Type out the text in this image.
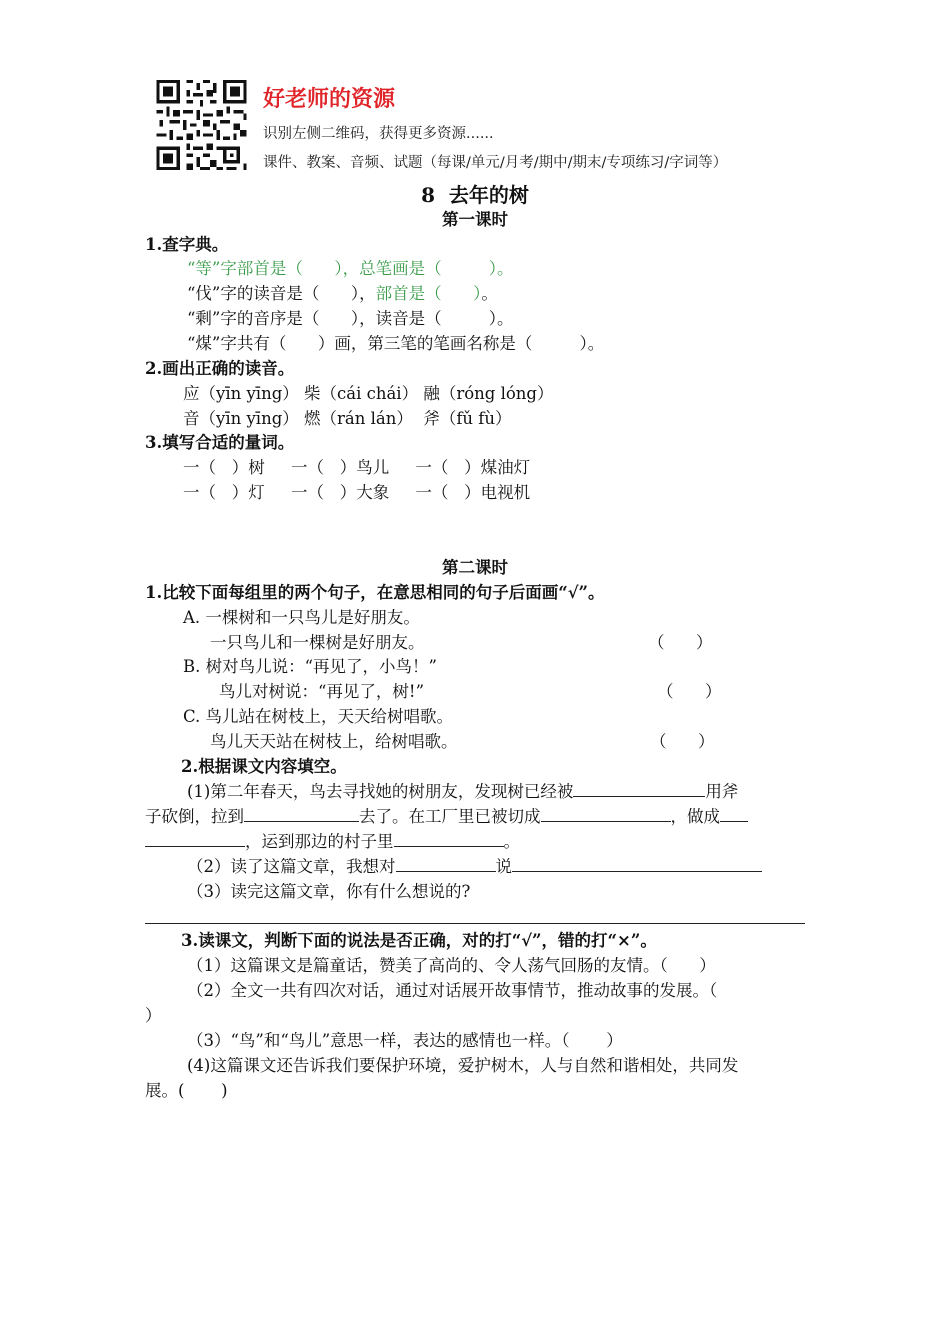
好老师的资源
识别左侧二维码，获得更多资源......
课件、教案、音频、试题（每课/单元/月考/期中/期末/专项练习/字词等）
8  去年的树
第一课时
1.查字典。
“等”字部首是（      ），总笔画是（         ）。
“伐”字的读音是（      ），部首是（      ）。
“剩”字的音序是（      ），读音是（         ）。
“煤”字共有（      ）画，第三笔的笔画名称是（         ）。
2.画出正确的读音。
应（yīn yīng） 柴（cái chái） 融（róng lóng）
音（yīn yīng） 燃（rán lán）  斧（fǔ fù）
3.填写合适的量词。
一（   ）树     一（   ）鸟儿     一（   ）煤油灯
一（   ）灯     一（   ）大象     一（   ）电视机
第二课时
1.比较下面每组里的两个句子，在意思相同的句子后面画“√”。
A. 一棵树和一只鸟儿是好朋友。
一只鸟儿和一棵树是好朋友。	（      ）
B. 树对鸟儿说：“再见了，小鸟！”
鸟儿对树说：“再见了，树!”	（      ）
C. 鸟儿站在树枝上，天天给树唱歌。
鸟儿天天站在树枝上，给树唱歌。	（      ）
2.根据课文内容填空。
(1)第二年春天，鸟去寻找她的树朋友，发现树已经被	用斧
子砍倒，拉到	去了。在工厂里已被切成	，做成
，运到那边的村子里	。
（2）读了这篇文章，我想对	说
（3）读完这篇文章，你有什么想说的?
3.读课文，判断下面的说法是否正确，对的打“√”，错的打“×”。
（1）这篇课文是篇童话，赞美了高尚的、令人荡气回肠的友情。（      ）
（2）全文一共有四次对话，通过对话展开故事情节，推动故事的发展。（
）
（3）“鸟”和“鸟儿”意思一样，表达的感情也一样。（       ）
(4)这篇课文还告诉我们要保护环境，爱护树木，人与自然和谐相处，共同发
展。(       )
